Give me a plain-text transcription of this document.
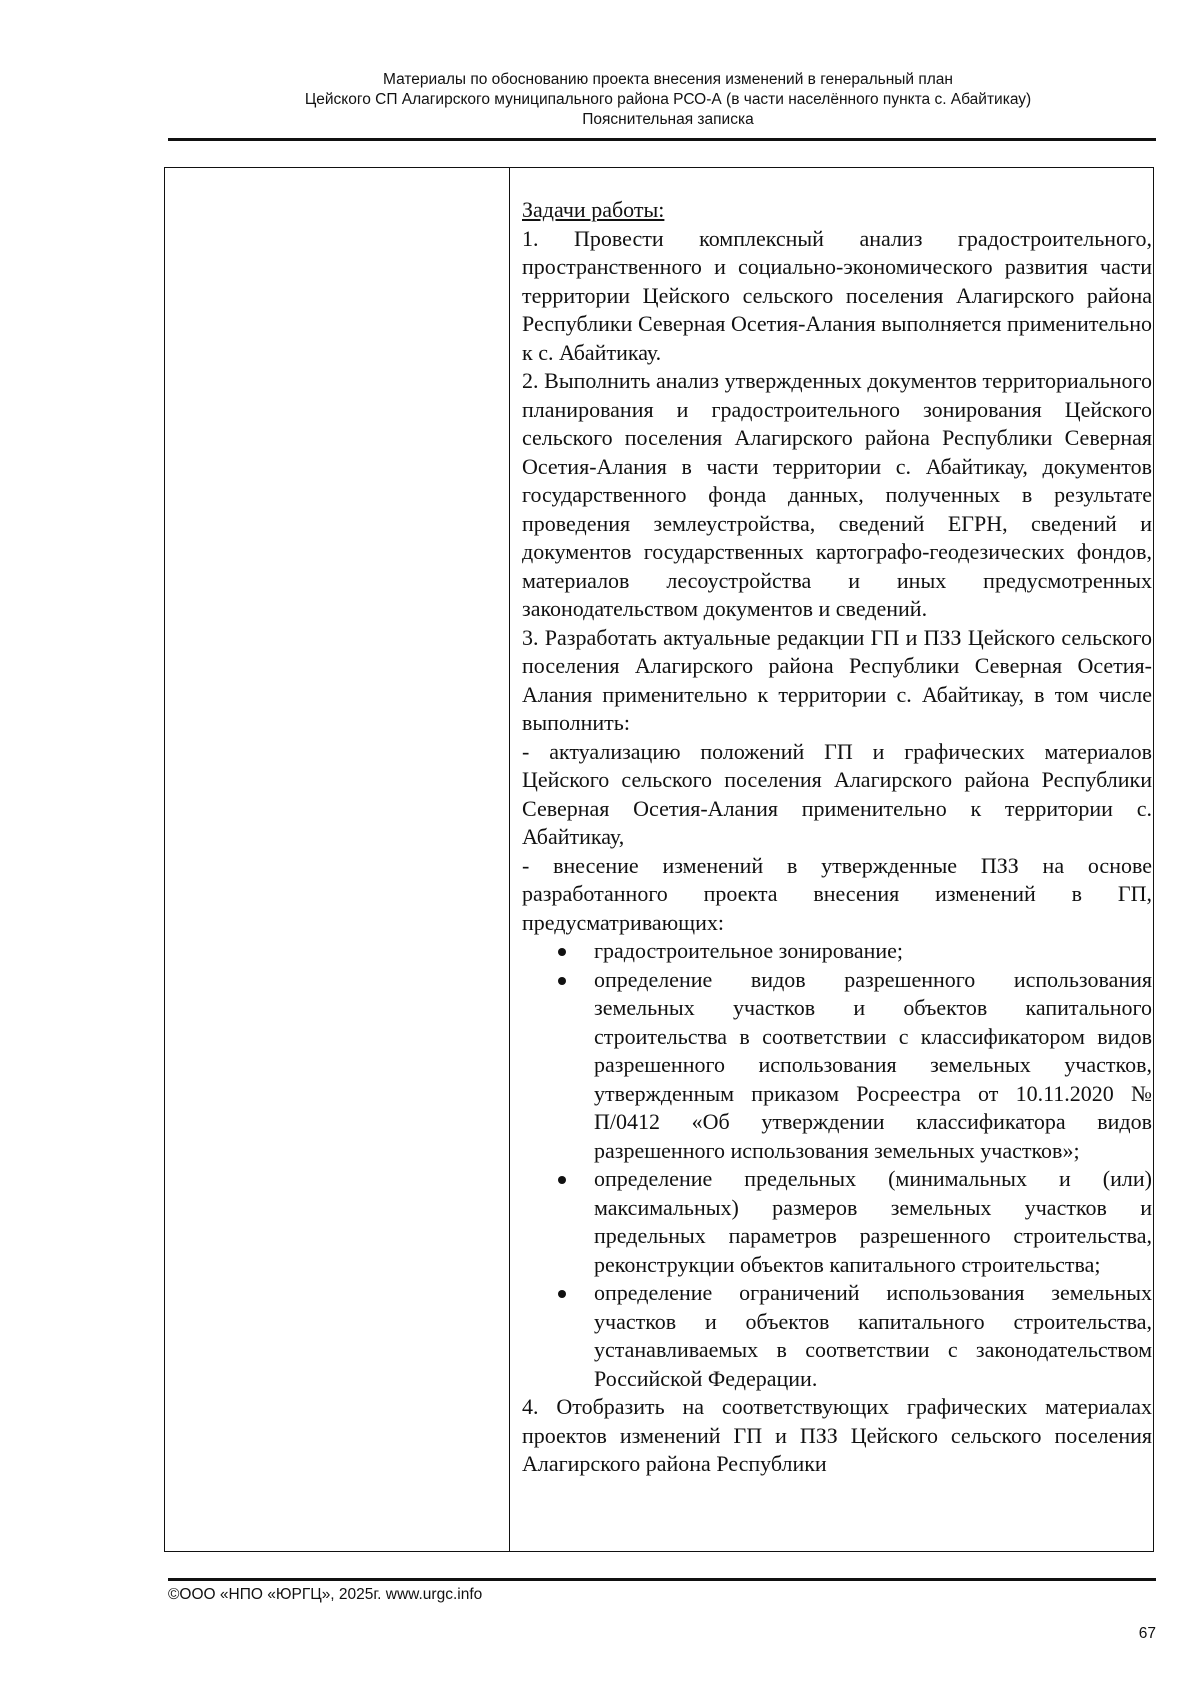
Материалы по обоснованию проекта внесения изменений в генеральный план
Цейского СП Алагирского муниципального района РСО-А (в части населённого пункта с. Абайтикау)
Пояснительная записка

Задачи работы:

1. Провести комплексный анализ градостроительного, пространственного и социально-экономического развития части территории Цейского сельского поселения Алагирского района Республики Северная Осетия-Алания выполняется применительно к с. Абайтикау.

2. Выполнить анализ утвержденных документов территориального планирования и градостроительного зонирования Цейского сельского поселения Алагирского района Республики Северная Осетия-Алания в части территории с. Абайтикау, документов государственного фонда данных, полученных в результате проведения землеустройства, сведений ЕГРН, сведений и документов государственных картографо-геодезических фондов, материалов лесоустройства и иных предусмотренных законодательством документов и сведений.

3. Разработать актуальные редакции ГП и ПЗЗ Цейского сельского поселения Алагирского района Республики Северная Осетия-Алания применительно к территории с. Абайтикау, в том числе выполнить:

- актуализацию положений ГП и графических материалов Цейского сельского поселения Алагирского района Республики Северная Осетия-Алания применительно к территории с. Абайтикау,

- внесение изменений в утвержденные ПЗЗ на основе разработанного проекта внесения изменений в ГП, предусматривающих:

градостроительное зонирование;
определение видов разрешенного использования земельных участков и объектов капитального строительства в соответствии с классификатором видов разрешенного использования земельных участков, утвержденным приказом Росреестра от 10.11.2020 № П/0412 «Об утверждении классификатора видов разрешенного использования земельных участков»;
определение предельных (минимальных и (или) максимальных) размеров земельных участков и предельных параметров разрешенного строительства, реконструкции объектов капитального строительства;
определение ограничений использования земельных участков и объектов капитального строительства, устанавливаемых в соответствии с законодательством Российской Федерации.

4. Отобразить на соответствующих графических материалах проектов изменений ГП и ПЗЗ Цейского сельского поселения Алагирского района Республики

©ООО «НПО «ЮРГЦ», 2025г. www.urgc.info
67
